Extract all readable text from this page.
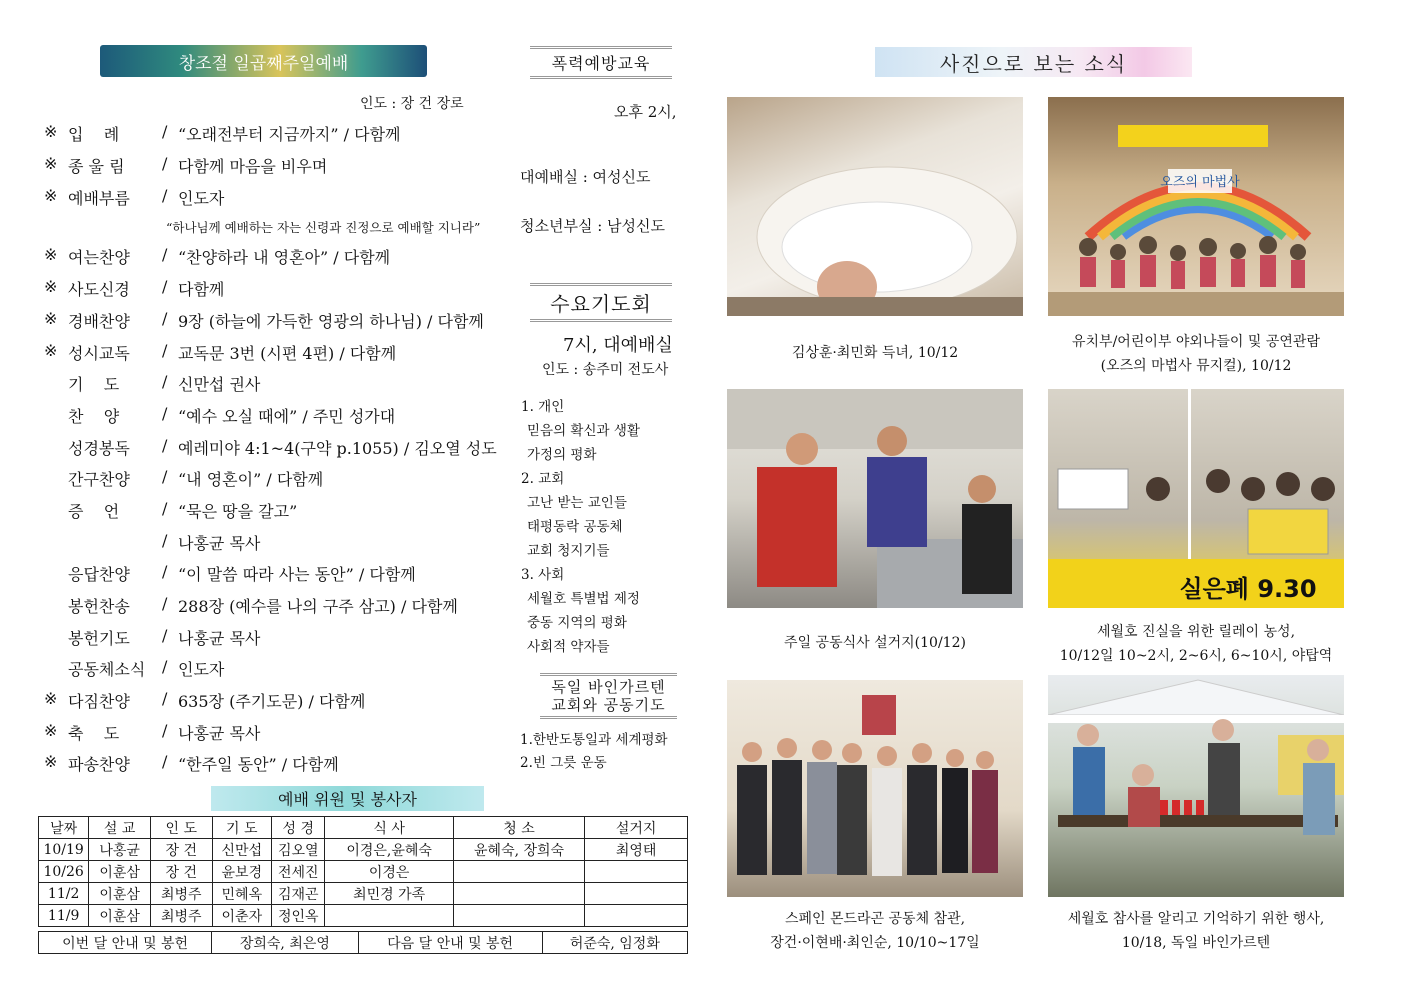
창조절 일곱째주일예배
인도 : 장 건 장로
※ 입    례	/ “오래전부터 지금까지” / 다함께
※ 종 울 림	/ 다함께 마음을 비우며
※ 예배부름	/ 인도자
※ 여는찬양	/ “찬양하라 내 영혼아” / 다함께
※ 사도신경	/ 다함께
※ 경배찬양	/ 9장 (하늘에 가득한 영광의 하나님) / 다함께
※ 성시교독	/ 교독문 3번 (시편 4편) / 다함께
기    도	/ 신만섭 권사
찬    양	/ “예수 오실 때에” / 주민 성가대
성경봉독	/ 예레미야 4:1~4(구약 p.1055) / 김오열 성도
간구찬양	/ “내 영혼이” / 다함께
증    언	/ “묵은 땅을 갈고”
/ 나홍균 목사
응답찬양	/ “이 말씀 따라 사는 동안” / 다함께
봉헌찬송	/ 288장 (예수를 나의 구주 삼고) / 다함께
봉헌기도	/ 나홍균 목사
공동체소식	/ 인도자
※ 다짐찬양	/ 635장 (주기도문) / 다함께
※ 축    도	/ 나홍균 목사
※ 파송찬양	/ “한주일 동안” / 다함께
“하나님께 예배하는 자는 신령과 진정으로 예배할 지니라”
폭력예방교육
오후 2시,
대예배실 : 여성신도
청소년부실 : 남성신도
수요기도회
7시, 대예배실
인도 : 송주미 전도사
1. 개인
믿음의 확신과 생활
가정의 평화
2. 교회
고난 받는 교인들
태평동락 공동체
교회 청지기들
3. 사회
세월호 특별법 제정
중동 지역의 평화
사회적 약자들
독일 바인가르텐
교회와 공동기도
1.한반도통일과 세계평화
2.빈 그릇 운동
예배 위원 및 봉사자
날짜	설 교	인 도	기 도	성 경	식 사	청 소	설거지
10/19	나홍균	장 건	신만섭	김오열	이경은,윤혜숙	윤혜숙, 장희숙	최영태
10/26	이훈삼	장 건	윤보경	전세진	이경은		
11/2	이훈삼	최병주	민혜옥	김재곤	최민경 가족		
11/9	이훈삼	최병주	이춘자	정인옥			
이번 달 안내 및 봉헌	장희숙, 최은영	다음 달 안내 및 봉헌	허준숙, 임정화
사진으로 보는 소식
김상훈·최민화 득녀, 10/12
오즈의 마법사
유치부/어린이부 야외나들이 및 공연관람
(오즈의 마법사 뮤지컬), 10/12
주일 공동식사 설거지(10/12)
실은폐 9.30
세월호 진실을 위한 릴레이 농성,
10/12일 10~2시, 2~6시, 6~10시, 야탑역
스페인 몬드라곤 공동체 참관,
장건·이현배·최인순, 10/10~17일
세월호 참사를 알리고 기억하기 위한 행사,
10/18, 독일 바인가르텐
